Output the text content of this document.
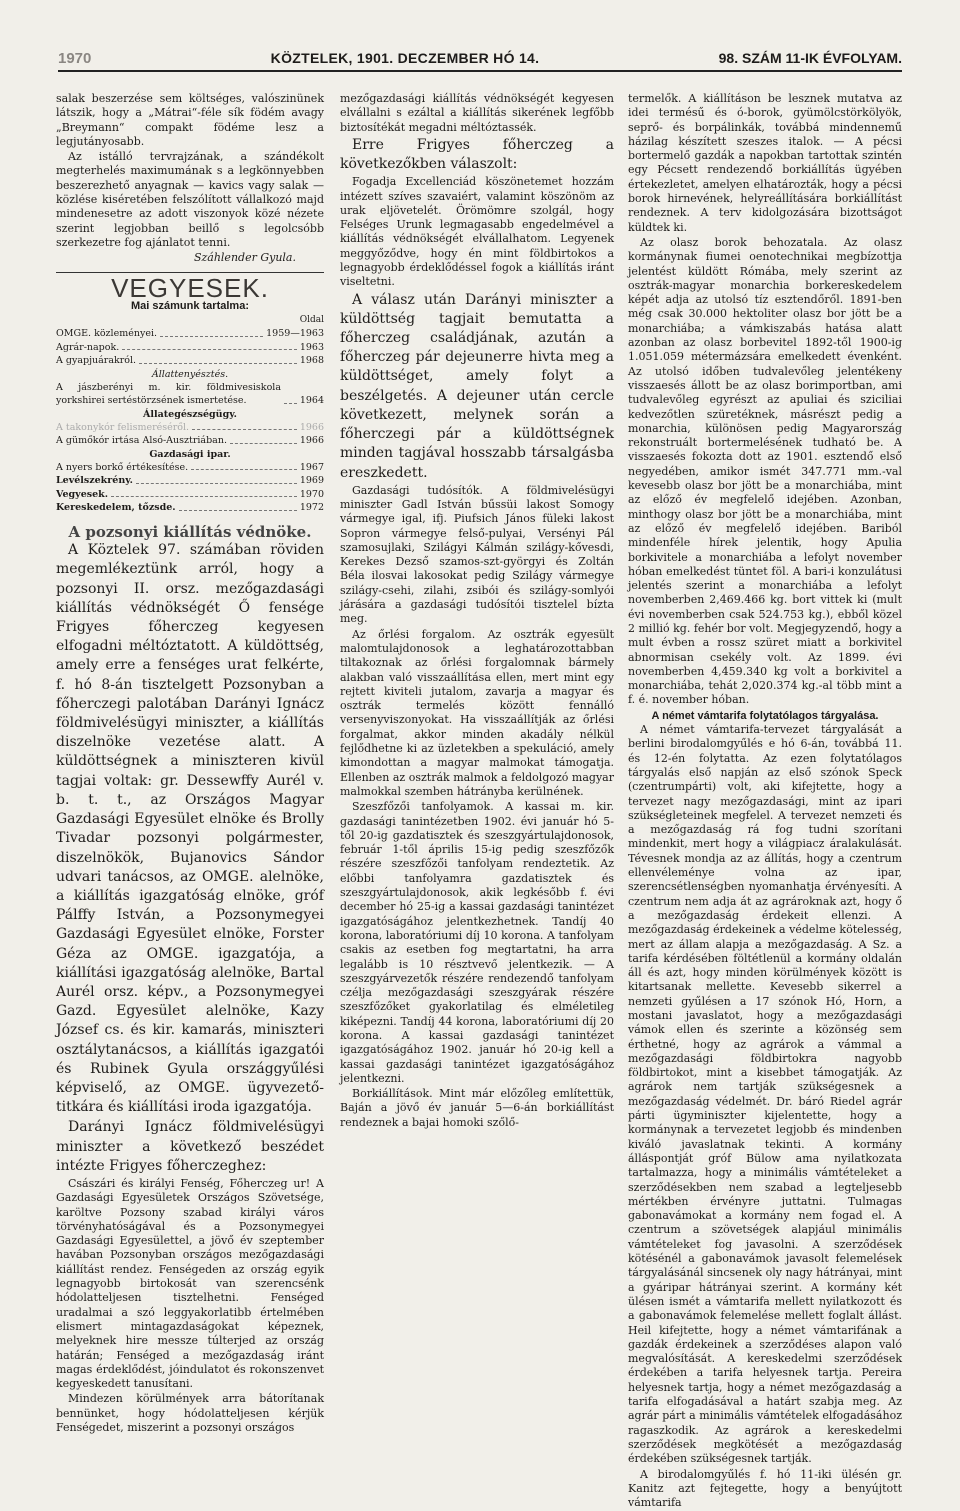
1970	KÖZTELEK, 1901. DECZEMBER HÓ 14.	98. SZÁM 11-IK ÉVFOLYAM.

salak beszerzése sem költséges, valószinünek látszik, hogy a „Mátrai“-féle sík födém avagy „Breymann“ compakt födéme lesz a legjutányosabb.

Az istálló tervrajzának, a szándékolt megterhelés maximumának s a legkönnyebben beszerezhető anyagnak — kavics vagy salak — közlése kiséretében felszólított vállalkozó majd mindenesetre az adott viszonyok közé nézete szerint legjobban beillő s legolcsóbb szerkezetre fog ajánlatot tenni.

Száhlender Gyula.
VEGYESEK.
Mai számunk tartalma:
Oldal
OMGE. közleményei.	1959—1963
Agrár-napok.	1963
A gyapjuárakról.	1968
Állattenyésztés.
A jászberényi m. kir. földmivesiskola yorkshirei sertéstörzsének ismertetése.	1964
Állategészségügy.
A takonykór felismeréséről.	1966
A gümőkór irtása Alsó-Ausztriában.	1966
Gazdasági ipar.
A nyers borkő értékesítése.	1967
Levélszekrény.	1969
Vegyesek.	1970
Kereskedelem, tőzsde.	1972
A pozsonyi kiállítás védnöke.

A Köztelek 97. számában röviden megemlékeztünk arról, hogy a pozsonyi II. orsz. mezőgazdasági kiállítás védnökségét Ő fensége Frigyes főherczeg kegyesen elfogadni méltóztatott. A küldöttség, amely erre a fenséges urat felkérte, f. hó 8-án tisztelgett Pozsonyban a főherczegi palotában Darányi Ignácz földmivelésügyi miniszter, a kiállítás diszelnöke vezetése alatt. A küldöttségnek a miniszteren kivül tagjai voltak: gr. Dessewffy Aurél v. b. t. t., az Országos Magyar Gazdasági Egyesület elnöke és Brolly Tivadar pozsonyi polgármester, diszelnökök, Bujanovics Sándor udvari tanácsos, az OMGE. alelnöke, a kiállítás igazgatóság elnöke, gróf Pálffy István, a Pozsonymegyei Gazdasági Egyesület elnöke, Forster Géza az OMGE. igazgatója, a kiállítási igazgatóság alelnöke, Bartal Aurél orsz. képv., a Pozsonymegyei Gazd. Egyesület alelnöke, Kazy József cs. és kir. kamarás, miniszteri osztálytanácsos, a kiállítás igazgatói és Rubinek Gyula országgyűlési képviselő, az OMGE. ügyvezető-titkára és kiállítási iroda igazgatója.

Darányi Ignácz földmivelésügyi miniszter a következő beszédet intézte Frigyes főherczeghez:

Császári és királyi Fenség, Főherczeg ur! A Gazdasági Egyesületek Országos Szövetsége, karöltve Pozsony szabad királyi város törvényhatóságával és a Pozsonymegyei Gazdasági Egyesülettel, a jövő év szeptember havában Pozsonyban országos mezőgazdasági kiállítást rendez. Fenségeden az ország egyik legnagyobb birtokosát van szerencsénk hódolatteljesen tisztelhetni. Fenséged uradalmai a szó leggyakorlatibb értelmében elismert mintagazdaságokat képeznek, melyeknek hire messze túlterjed az ország határán; Fenséged a mezőgazdaság iránt magas érdeklődést, jóindulatot és rokonszenvet kegyeskedett tanusítani.

Mindezen körülmények arra bátorítanak bennünket, hogy hódolatteljesen kérjük Fenségedet, miszerint a pozsonyi országos

mezőgazdasági kiállítás védnökségét kegyesen elvállalni s ezáltal a kiállítás sikerének legfőbb biztosítékát megadni méltóztassék.

Erre Frigyes főherczeg a következőkben válaszolt:

Fogadja Excellenciád köszönetemet hozzám intézett szíves szavaiért, valamint köszönöm az urak eljövetelét. Örömömre szolgál, hogy Felséges Urunk legmagasabb engedelmével a kiállítás védnökségét elvállalhatom. Legyenek meggyőződve, hogy én mint földbirtokos a legnagyobb érdeklődéssel fogok a kiállítás iránt viseltetni.

A válasz után Darányi miniszter a küldöttség tagjait bemutatta a főherczeg családjának, azután a főherczeg pár dejeunerre hivta meg a küldöttséget, amely folyt a beszélgetés. A dejeuner után cercle következett, melynek során a főherczegi pár a küldöttségnek minden tagjával hosszabb társalgásba ereszkedett.

Gazdasági tudósítók. A földmivelésügyi miniszter Gadl István bűssüi lakost Somogy vármegye igal, ifj. Piufsich János füleki lakost Sopron vármegye felső-pulyai, Versényi Pál szamosujlaki, Szilágyi Kálmán szilágy-kővesdi, Kerekes Dezső szamos-szt-györgyi és Zoltán Béla ilosvai lakosokat pedig Szilágy vármegye szilágy-csehi, zilahi, zsibói és szilágy-somlyói járására a gazdasági tudósítói tisztelel bízta meg.

Az őrlési forgalom. Az osztrák egyesült malomtulajdonosok a leghatározottabban tiltakoznak az őrlési forgalomnak bármely alakban való visszaállítása ellen, mert mint egy rejtett kiviteli jutalom, zavarja a magyar és osztrák termelés között fennálló versenyviszonyokat. Ha visszaállítják az őrlési forgalmat, akkor minden akadály nélkül fejlődhetne ki az üzletekben a spekuláció, amely kimondottan a magyar malmokat támogatja. Ellenben az osztrák malmok a feldolgozó magyar malmokkal szemben hátrányba kerülnének.

Szeszfőzői tanfolyamok. A kassai m. kir. gazdasági tanintézetben 1902. évi január hó 5-től 20-ig gazdatisztek és szeszgyártulajdonosok, február 1-től április 15-ig pedig szeszfőzők részére szeszfőzői tanfolyam rendeztetik. Az előbbi tanfolyamra gazdatisztek és szeszgyártulajdonosok, akik legkésőbb f. évi december hó 25-ig a kassai gazdasági tanintézet igazgatóságához jelentkezhetnek. Tandíj 40 korona, laboratóriumi díj 10 korona. A tanfolyam csakis az esetben fog megtartatni, ha arra legalább is 10 résztvevő jelentkezik. — A szeszgyárvezetők részére rendezendő tanfolyam czélja mezőgazdasági szeszgyárak részére szeszfőzőket gyakorlatilag és elméletileg kiképezni. Tandíj 44 korona, laboratóriumi díj 20 korona. A kassai gazdasági tanintézet igazgatóságához 1902. január hó 20-ig kell a kassai gazdasági tanintézet igazgatóságához jelentkezni.

Borkiállítások. Mint már előzőleg említettük, Baján a jövő év január 5—6-án borkiállítást rendeznek a bajai homoki szőlő-

termelők. A kiállításon be lesznek mutatva az idei termésű és ó-borok, gyümölcstörkölyök, seprő- és borpálinkák, továbbá mindennemű házilag készített szeszes italok. — A pécsi bortermelő gazdák a napokban tartottak szintén egy Pécsett rendezendő borkiállítás ügyében értekezletet, amelyen elhatározták, hogy a pécsi borok hirnevének, helyreállítására borkiállítást rendeznek. A terv kidolgozására bizottságot küldtek ki.

Az olasz borok behozatala. Az olasz kormánynak fiumei oenotechnikai megbízottja jelentést küldött Rómába, mely szerint az osztrák-magyar monarchia borkereskedelem képét adja az utolsó tíz esztendőről. 1891-ben még csak 30.000 hektoliter olasz bor jött be a monarchiába; a vámkiszabás hatása alatt azonban az olasz borbevitel 1892-től 1900-ig 1.051.059 métermázsára emelkedett évenként. Az utolsó időben tudvalevőleg jelentékeny visszaesés állott be az olasz borimportban, ami tudvalevőleg egyrészt az apuliai és sziciliai kedvezőtlen szüretéknek, másrészt pedig a monarchia, különösen pedig Magyarország rekonstruált bortermelésének tudható be. A visszaesés fokozta dott az 1901. esztendő első negyedében, amikor ismét 347.771 mm.-val kevesebb olasz bor jött be a monarchiába, mint az előző év megfelelő idejében. Azonban, minthogy olasz bor jött be a monarchiába, mint az előző év megfelelő idejében. Bariból mindenféle hírek jelentik, hogy Apulia borkivitele a monarchiába a lefolyt november hóban emelkedést tüntet föl. A bari-i konzulátusi jelentés szerint a monarchiába a lefolyt novemberben 2,469.466 kg. bort vittek ki (mult évi novemberben csak 524.753 kg.), ebből közel 2 millió kg. fehér bor volt. Megjegyzendő, hogy a mult évben a rossz szüret miatt a borkivitel abnormisan csekély volt. Az 1899. évi novemberben 4,459.340 kg volt a borkivitel a monarchiába, tehát 2,020.374 kg.-al több mint a f. é. november hóban.

A német vámtarifa folytatólagos tárgyalása.

A német vámtarifa-tervezet tárgyalását a berlini birodalomgyűlés e hó 6-án, továbbá 11. és 12-én folytatta. Az ezen folytatólagos tárgyalás első napján az első szónok Speck (czentrumpárti) volt, aki kifejtette, hogy a tervezet nagy mezőgazdasági, mint az ipari szükségleteinek megfelel. A tervezet nemzeti és a mezőgazdaság rá fog tudni szorítani mindenkit, mert hogy a világpiacz áralakulását. Tévesnek mondja az az állítás, hogy a czentrum ellenvéleménye volna az ipar, szerencsétlenségben nyomanhatja érvényesíti. A czentrum nem adja át az agrároknak azt, hogy ő a mezőgazdaság érdekeit ellenzi. A mezőgazdaság érdekeinek a védelme kötelesség, mert az állam alapja a mezőgazdaság. A Sz. a tarifa kérdésében föltétlenül a kormány oldalán áll és azt, hogy minden körülmények között is kitartsanak mellette. Kevesebb sikerrel a nemzeti gyűlésen a 17 szónok Hó, Horn, a mostani javaslatot, hogy a mezőgazdasági vámok ellen és szerinte a közönség sem érthetné, hogy az agrárok a vámmal a mezőgazdasági földbirtokra nagyobb földbirtokot, mint a kisebbet támogatják. Az agrárok nem tartják szükségesnek a mezőgazdaság védelmét. Dr. báró Riedel agrár párti ügyminiszter kijelentette, hogy a kormánynak a tervezetet legjobb és mindenben kiváló javaslatnak tekinti. A kormány álláspontját gróf Bülow ama nyilatkozata tartalmazza, hogy a minimális vámtételeket a szerződésekben nem szabad a legteljesebb mértékben érvényre juttatni. Tulmagas gabonavámokat a kormány nem fogad el. A czentrum a szövetségek alapjául minimális vámtételeket fog javasolni. A szerződések kötésénél a gabonavámok javasolt felemelések tárgyalásánál sincsenek oly nagy hátrányai, mint a gyáripar hátrányai szerint. A kormány két ülésen ismét a vámtarifa mellett nyilatkozott és a gabonavámok felemelése mellett foglalt állást. Heil kifejtette, hogy a német vámtarifának a gazdák érdekeinek a szerződéses alapon való megvalósítását. A kereskedelmi szerződések érdekében a tarifa helyesnek tartja. Pereira helyesnek tartja, hogy a német mezőgazdaság a tarifa elfogadásával a határt szabja meg. Az agrár párt a minimális vámtételek elfogadásához ragaszkodik. Az agrárok a kereskedelmi szerződések megkötését a mezőgazdaság érdekében szükségesnek tartják.

A birodalomgyűlés f. hó 11-iki ülésén gr. Kanitz azt fejtegette, hogy a benyújtott vámtarifa
